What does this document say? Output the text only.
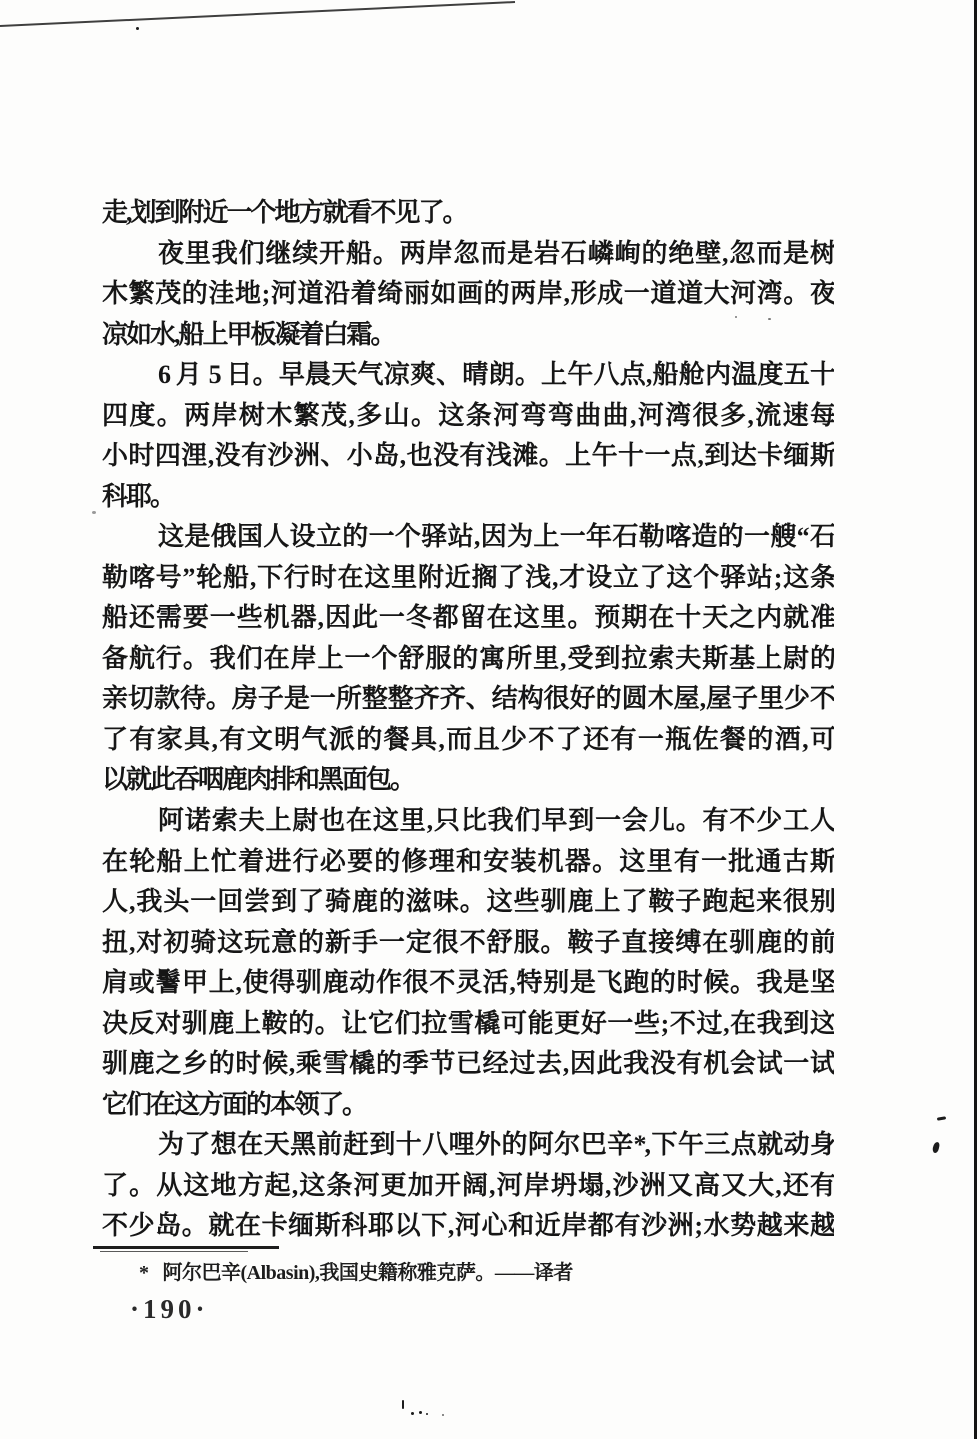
走,划到附近一个地方就看不见了。
夜里我们继续开船。两岸忽而是岩石嶙峋的绝壁,忽而是树
木繁茂的洼地;河道沿着绮丽如画的两岸,形成一道道大河湾。夜
凉如水,船上甲板凝着白霜。
6 月 5 日。早晨天气凉爽、晴朗。上午八点,船舱内温度五十
四度。两岸树木繁茂,多山。这条河弯弯曲曲,河湾很多,流速每
小时四浬,没有沙洲、小岛,也没有浅滩。上午十一点,到达卡缅斯
科耶。
这是俄国人设立的一个驿站,因为上一年石勒喀造的一艘“石
勒喀号”轮船,下行时在这里附近搁了浅,才设立了这个驿站;这条
船还需要一些机器,因此一冬都留在这里。预期在十天之内就准
备航行。我们在岸上一个舒服的寓所里,受到拉索夫斯基上尉的
亲切款待。房子是一所整整齐齐、结构很好的圆木屋,屋子里少不
了有家具,有文明气派的餐具,而且少不了还有一瓶佐餐的酒,可
以就此吞咽鹿肉排和黑面包。
阿诺索夫上尉也在这里,只比我们早到一会儿。有不少工人
在轮船上忙着进行必要的修理和安装机器。这里有一批通古斯
人,我头一回尝到了骑鹿的滋味。这些驯鹿上了鞍子跑起来很别
扭,对初骑这玩意的新手一定很不舒服。鞍子直接缚在驯鹿的前
肩或鬐甲上,使得驯鹿动作很不灵活,特别是飞跑的时候。我是坚
决反对驯鹿上鞍的。让它们拉雪橇可能更好一些;不过,在我到这
驯鹿之乡的时候,乘雪橇的季节已经过去,因此我没有机会试一试
它们在这方面的本领了。
为了想在天黑前赶到十八哩外的阿尔巴辛*,下午三点就动身
了。从这地方起,这条河更加开阔,河岸坍塌,沙洲又高又大,还有
不少岛。就在卡缅斯科耶以下,河心和近岸都有沙洲;水势越来越
* 阿尔巴辛(Albasin),我国史籍称雅克萨。——译者
·190·
